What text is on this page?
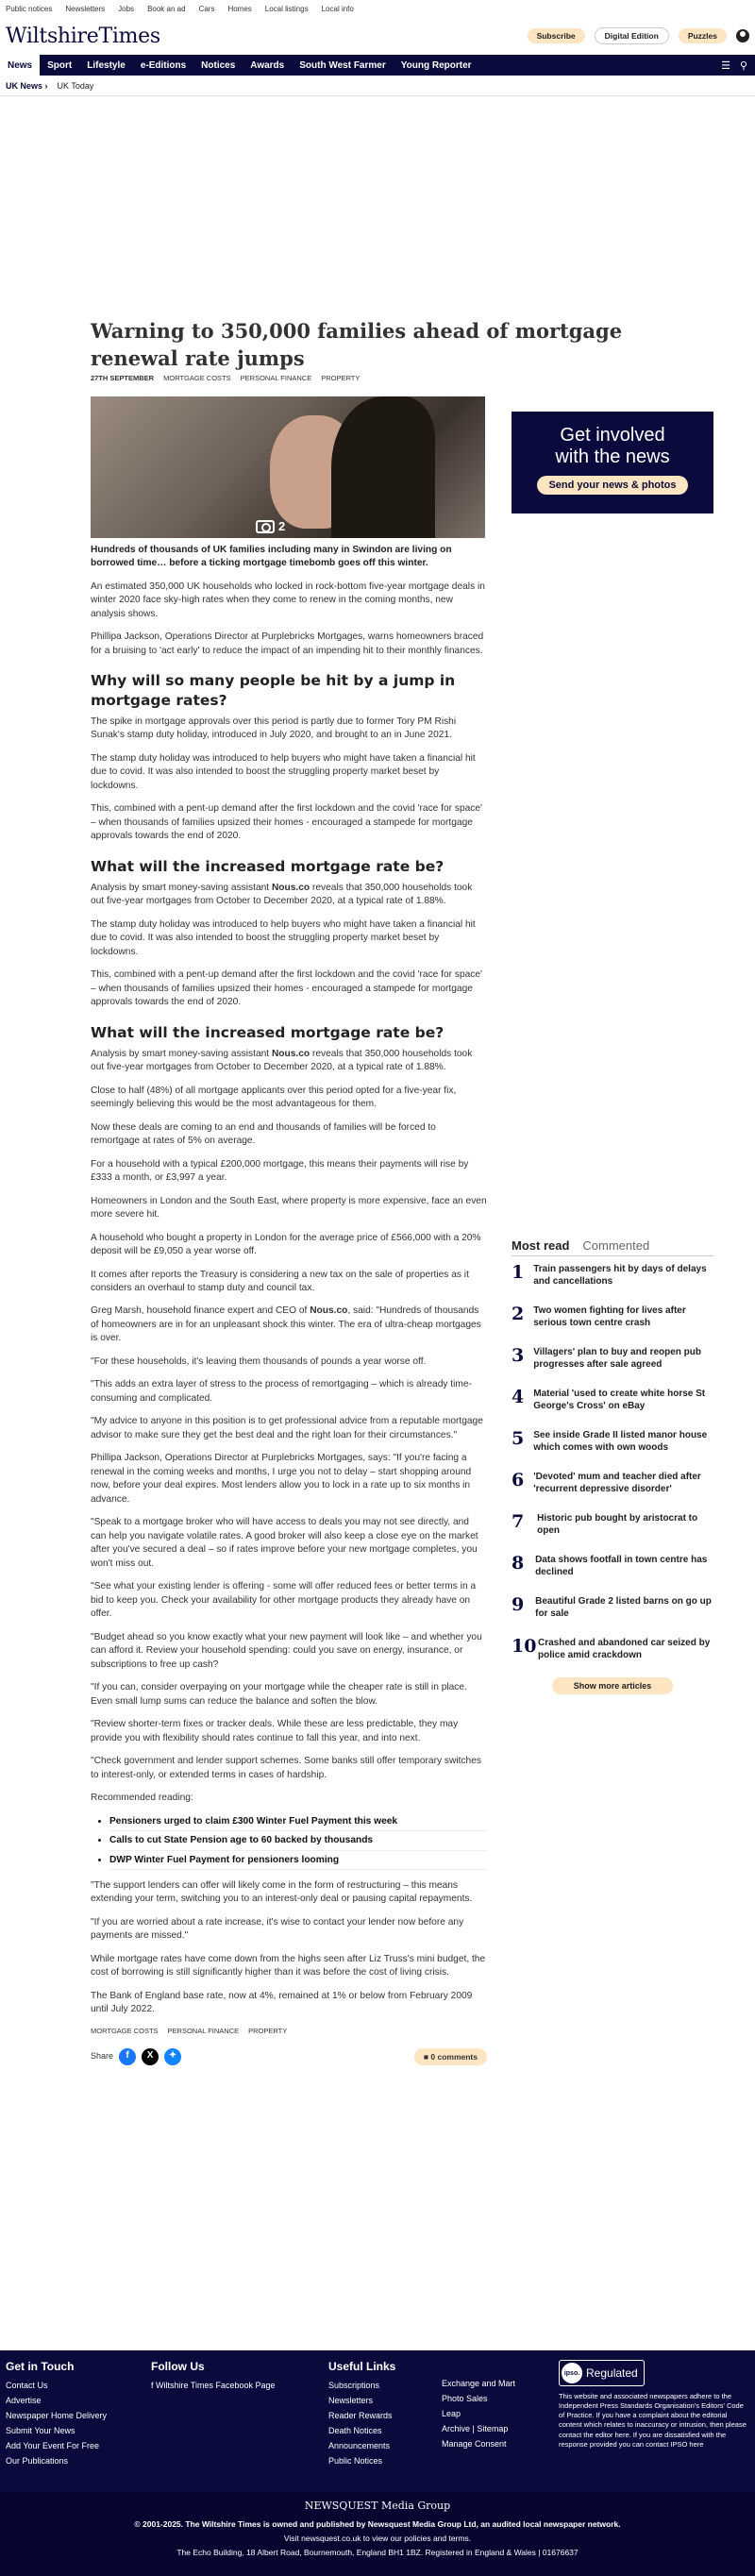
Public notices Newsletters Jobs Book an ad Cars Homes Local listings Local info
WiltshireTimes	Subscribe	Digital Edition	Puzzles
News	Sport	Lifestyle	e-Editions	Notices	Awards	South West Farmer	Young Reporter	☰ ⚲
UK News › UK Today
Warning to 350,000 families ahead of mortgage renewal rate jumps
27TH SEPTEMBER MORTGAGE COSTS PERSONAL FINANCE PROPERTY
2
Get involved
with the news
Send your news & photos

Hundreds of thousands of UK families including many in Swindon are living on borrowed time… before a ticking mortgage timebomb goes off this winter.

An estimated 350,000 UK households who locked in rock-bottom five-year mortgage deals in winter 2020 face sky-high rates when they come to renew in the coming months, new analysis shows.

Phillipa Jackson, Operations Director at Purplebricks Mortgages, warns homeowners braced for a bruising to 'act early' to reduce the impact of an impending hit to their monthly finances.

Why will so many people be hit by a jump in mortgage rates?

The spike in mortgage approvals over this period is partly due to former Tory PM Rishi Sunak's stamp duty holiday, introduced in July 2020, and brought to an in June 2021.

The stamp duty holiday was introduced to help buyers who might have taken a financial hit due to covid. It was also intended to boost the struggling property market beset by lockdowns.

This, combined with a pent-up demand after the first lockdown and the covid 'race for space' – when thousands of families upsized their homes - encouraged a stampede for mortgage approvals towards the end of 2020.

What will the increased mortgage rate be?

Analysis by smart money-saving assistant Nous.co reveals that 350,000 households took out five-year mortgages from October to December 2020, at a typical rate of 1.88%.

The stamp duty holiday was introduced to help buyers who might have taken a financial hit due to covid. It was also intended to boost the struggling property market beset by lockdowns.

This, combined with a pent-up demand after the first lockdown and the covid 'race for space' – when thousands of families upsized their homes - encouraged a stampede for mortgage approvals towards the end of 2020.

What will the increased mortgage rate be?

Analysis by smart money-saving assistant Nous.co reveals that 350,000 households took out five-year mortgages from October to December 2020, at a typical rate of 1.88%.

Close to half (48%) of all mortgage applicants over this period opted for a five-year fix, seemingly believing this would be the most advantageous for them.

Now these deals are coming to an end and thousands of families will be forced to remortgage at rates of 5% on average.

For a household with a typical £200,000 mortgage, this means their payments will rise by £333 a month, or £3,997 a year.

Homeowners in London and the South East, where property is more expensive, face an even more severe hit.

A household who bought a property in London for the average price of £566,000 with a 20% deposit will be £9,050 a year worse off.

It comes after reports the Treasury is considering a new tax on the sale of properties as it considers an overhaul to stamp duty and council tax.

Greg Marsh, household finance expert and CEO of Nous.co, said: "Hundreds of thousands of homeowners are in for an unpleasant shock this winter. The era of ultra-cheap mortgages is over.

"For these households, it's leaving them thousands of pounds a year worse off.

"This adds an extra layer of stress to the process of remortgaging – which is already time-consuming and complicated.

"My advice to anyone in this position is to get professional advice from a reputable mortgage advisor to make sure they get the best deal and the right loan for their circumstances."

Phillipa Jackson, Operations Director at Purplebricks Mortgages, says: "If you're facing a renewal in the coming weeks and months, I urge you not to delay – start shopping around now, before your deal expires. Most lenders allow you to lock in a rate up to six months in advance.

"Speak to a mortgage broker who will have access to deals you may not see directly, and can help you navigate volatile rates. A good broker will also keep a close eye on the market after you've secured a deal – so if rates improve before your new mortgage completes, you won't miss out.

"See what your existing lender is offering - some will offer reduced fees or better terms in a bid to keep you. Check your availability for other mortgage products they already have on offer.

"Budget ahead so you know exactly what your new payment will look like – and whether you can afford it. Review your household spending: could you save on energy, insurance, or subscriptions to free up cash?

"If you can, consider overpaying on your mortgage while the cheaper rate is still in place. Even small lump sums can reduce the balance and soften the blow.

"Review shorter-term fixes or tracker deals. While these are less predictable, they may provide you with flexibility should rates continue to fall this year, and into next.

"Check government and lender support schemes. Some banks still offer temporary switches to interest-only, or extended terms in cases of hardship.

Recommended reading:

• Pensioners urged to claim £300 Winter Fuel Payment this week
• Calls to cut State Pension age to 60 backed by thousands
• DWP Winter Fuel Payment for pensioners looming

"The support lenders can offer will likely come in the form of restructuring – this means extending your term, switching you to an interest-only deal or pausing capital repayments.

"If you are worried about a rate increase, it's wise to contact your lender now before any payments are missed."

While mortgage rates have come down from the highs seen after Liz Truss's mini budget, the cost of borrowing is still significantly higher than it was before the cost of living crisis.

The Bank of England base rate, now at 4%, remained at 1% or below from February 2009 until July 2022.

MORTGAGE COSTS PERSONAL FINANCE PROPERTY
Share	f	X	✦	■ 0 comments
Most read Commented
1 Train passengers hit by days of delays and cancellations
2 Two women fighting for lives after serious town centre crash
3 Villagers' plan to buy and reopen pub progresses after sale agreed
4 Material 'used to create white horse St George's Cross' on eBay
5 See inside Grade II listed manor house which comes with own woods
6 'Devoted' mum and teacher died after 'recurrent depressive disorder'
7	Historic pub bought by aristocrat to open
8 Data shows footfall in town centre has declined
9 Beautiful Grade 2 listed barns on go up for sale
10 Crashed and abandoned car seized by police amid crackdown
Show more articles
Get in Touch
Contact Us
Advertise
Newspaper Home Delivery
Submit Your News
Add Your Event For Free
Our Publications
Follow Us
f Wiltshire Times Facebook Page
Useful Links
Subscriptions
Newsletters
Reader Rewards
Death Notices
Announcements
Public Notices
Exchange and Mart
Photo Sales
Leap
Archive | Sitemap
Manage Consent
ipso. Regulated
This website and associated newspapers adhere to the Independent Press Standards Organisation's Editors' Code of Practice. If you have a complaint about the editorial content which relates to inaccuracy or intrusion, then please contact the editor here. If you are dissatisfied with the response provided you can contact IPSO here
NEWSQUEST Media Group
© 2001-2025. The Wiltshire Times is owned and published by Newsquest Media Group Ltd, an audited local newspaper network.
Visit newsquest.co.uk to view our policies and terms.
The Echo Building, 18 Albert Road, Bournemouth, England BH1 1BZ. Registered in England & Wales | 01676637
